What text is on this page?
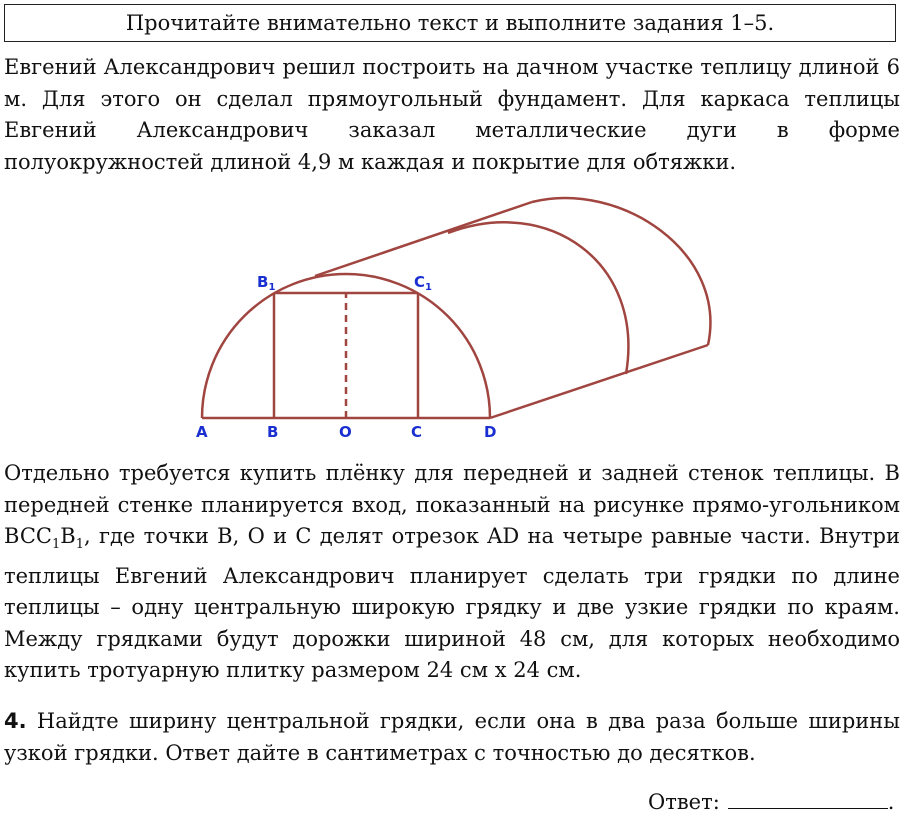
Прочитайте внимательно текст и выполните задания 1–5.

Евгений Александрович решил построить на дачном участке теплицу длиной 6 м. Для этого он сделал прямоугольный фундамент. Для каркаса теплицы Евгений Александрович заказал металлические дуги в форме полуокружностей длиной 4,9 м каждая и покрытие для обтяжки.

A	B	O	C	D
$B_1$	$C_1$

Отдельно требуется купить плёнку для передней и задней стенок теплицы. В передней стенке планируется вход, показанный на рисунке прямо-угольником $BCC_1B_1$, где точки B, O и C делят отрезок AD на четыре равные части. Внутри теплицы Евгений Александрович планирует сделать три грядки по длине теплицы – одну центральную широкую грядку и две узкие грядки по краям. Между грядками будут дорожки шириной 48 см, для которых необходимо купить тротуарную плитку размером 24 см x 24 см.

4. Найдте ширину центральной грядки, если она в два раза больше ширины узкой грядки. Ответ дайте в сантиметрах с точностью до десятков.

Ответ:	.
